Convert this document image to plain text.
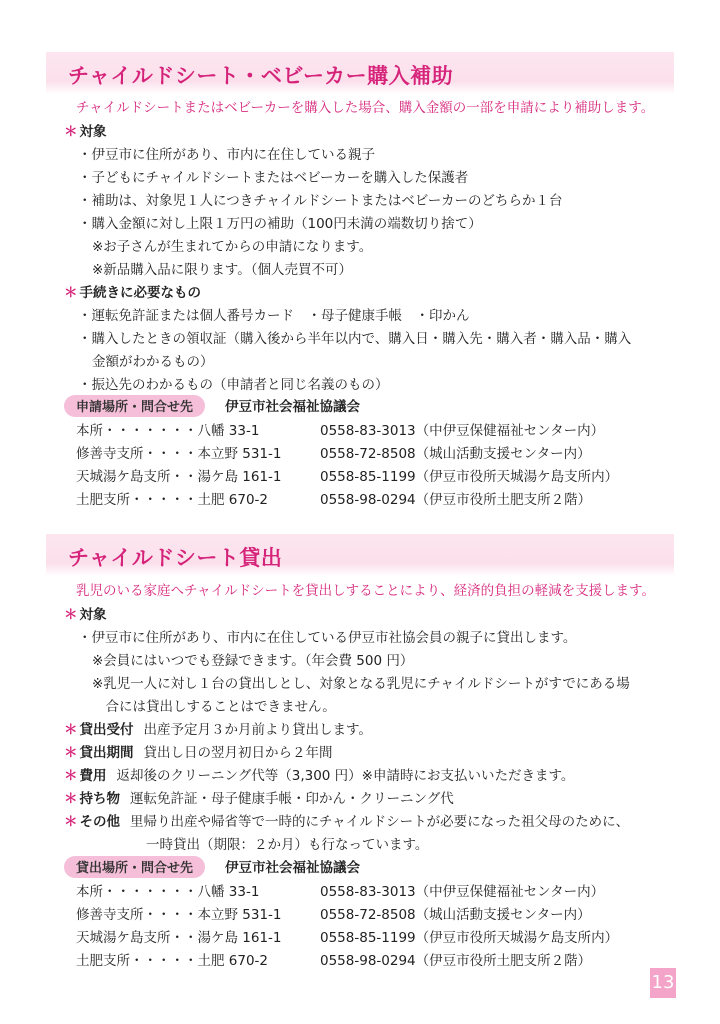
チャイルドシート・ベビーカー購入補助
チャイルドシートまたはベビーカーを購入した場合、購入金額の一部を申請により補助します。
＊ 対象
・伊豆市に住所があり、市内に在住している親子
・子どもにチャイルドシートまたはベビーカーを購入した保護者
・補助は、対象児１人につきチャイルドシートまたはベビーカーのどちらか１台
・購入金額に対し上限１万円の補助（100円未満の端数切り捨て）
※お子さんが生まれてからの申請になります。
※新品購入品に限ります。（個人売買不可）
＊ 手続きに必要なもの
・運転免許証または個人番号カード　・母子健康手帳　・印かん
・購入したときの領収証（購入後から半年以内で、購入日・購入先・購入者・購入品・購入
金額がわかるもの）
・振込先のわかるもの（申請者と同じ名義のもの）
申請場所・問合せ先 伊豆市社会福祉協議会
本所・・・・・・・八幡 33-1	0558-83-3013（中伊豆保健福祉センター内）
修善寺支所・・・・本立野 531-1	0558-72-8508（城山活動支援センター内）
天城湯ケ島支所・・湯ケ島 161-1	0558-85-1199（伊豆市役所天城湯ケ島支所内）
土肥支所・・・・・土肥 670-2	0558-98-0294（伊豆市役所土肥支所２階）
チャイルドシート貸出
乳児のいる家庭へチャイルドシートを貸出しすることにより、経済的負担の軽減を支援します。
＊ 対象
・伊豆市に住所があり、市内に在住している伊豆市社協会員の親子に貸出します。
※会員にはいつでも登録できます。（年会費 500 円）
※乳児一人に対し１台の貸出しとし、対象となる乳児にチャイルドシートがすでにある場
　合には貸出しすることはできません。
＊ 貸出受付 出産予定月３か月前より貸出します。
＊ 貸出期間 貸出し日の翌月初日から２年間
＊ 費用 返却後のクリーニング代等（3,300 円）※申請時にお支払いいただきます。
＊ 持ち物 運転免許証・母子健康手帳・印かん・クリーニング代
＊ その他 里帰り出産や帰省等で一時的にチャイルドシートが必要になった祖父母のために、
一時貸出（期限：２か月）も行なっています。
貸出場所・問合せ先 伊豆市社会福祉協議会
本所・・・・・・・八幡 33-1	0558-83-3013（中伊豆保健福祉センター内）
修善寺支所・・・・本立野 531-1	0558-72-8508（城山活動支援センター内）
天城湯ケ島支所・・湯ケ島 161-1	0558-85-1199（伊豆市役所天城湯ケ島支所内）
土肥支所・・・・・土肥 670-2	0558-98-0294（伊豆市役所土肥支所２階）
13
